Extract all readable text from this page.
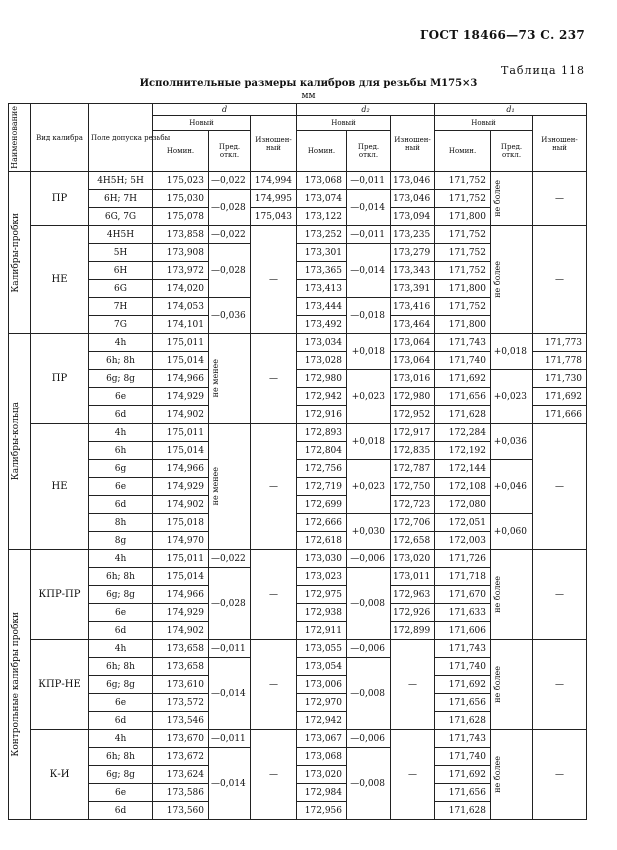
ГОСТ 18466—73 С. 237
Таблица 118
Исполнительные размеры калибров для резьбы M175×3
мм
Наименование	Вид калибра	Поле допуска резьбы	d			d₂			d₁		
			Новый		Изношен- ный	Новый		Изношен- ный	Новый		Изношен- ный
			Номин.	Пред. откл.		Номин.	Пред. откл.		Номин.	Пред. откл.	

Калибры-пробки	ПР	4H5H; 5H	175,023	—0,022	174,994	173,068	—0,011	173,046	171,752	не более	—
		6H; 7H	175,030	—0,028	174,995	173,074	—0,014	173,046	171,752		
		6G, 7G	175,078		175,043	173,122		173,094	171,800		
	НЕ	4H5H	173,858	—0,022	—	173,252	—0,011	173,235	171,752	не более	—
		5H	173,908	—0,028		173,301	—0,014	173,279	171,752		
		6H	173,972			173,365		173,343	171,752		
		6G	174,020			173,413		173,391	171,800		
		7H	174,053	—0,036		173,444	—0,018	173,416	171,752		
		7G	174,101			173,492		173,464	171,800		

Калибры-кольца	ПР	4h	175,011	не менее	—	173,034	+0,018	173,064	171,743	+0,018	171,773
		6h; 8h	175,014			173,028		173,064	171,740		171,778
		6g; 8g	174,966			172,980	+0,023	173,016	171,692	+0,023	171,730
		6e	174,929			172,942		172,980	171,656		171,692
		6d	174,902			172,916		172,952	171,628		171,666
	НЕ	4h	175,011	не менее	—	172,893	+0,018	172,917	172,284	+0,036	—
		6h	175,014			172,804		172,835	172,192		
		6g	174,966			172,756	+0,023	172,787	172,144	+0,046	
		6e	174,929			172,719		172,750	172,108		
		6d	174,902			172,699		172,723	172,080		
		8h	175,018			172,666	+0,030	172,706	172,051	+0,060	
		8g	174,970			172,618		172,658	172,003		

Контрольные калибры пробки	КПР-ПР	4h	175,011	—0,022	—	173,030	—0,006	173,020	171,726	не более	—
		6h; 8h	175,014	—0,028		173,023	—0,008	173,011	171,718		
		6g; 8g	174,966			172,975		172,963	171,670		
		6e	174,929			172,938		172,926	171,633		
		6d	174,902			172,911		172,899	171,606		
	КПР-НЕ	4h	173,658	—0,011	—	173,055	—0,006	—	171,743	не более	—
		6h; 8h	173,658	—0,014		173,054	—0,008		171,740		
		6g; 8g	173,610			173,006			171,692		
		6e	173,572			172,970			171,656		
		6d	173,546			172,942			171,628		
	К-И	4h	173,670	—0,011	—	173,067	—0,006	—	171,743	не более	—
		6h; 8h	173,672	—0,014		173,068	—0,008		171,740		
		6g; 8g	173,624			173,020			171,692		
		6e	173,586			172,984			171,656		
		6d	173,560			172,956			171,628		
